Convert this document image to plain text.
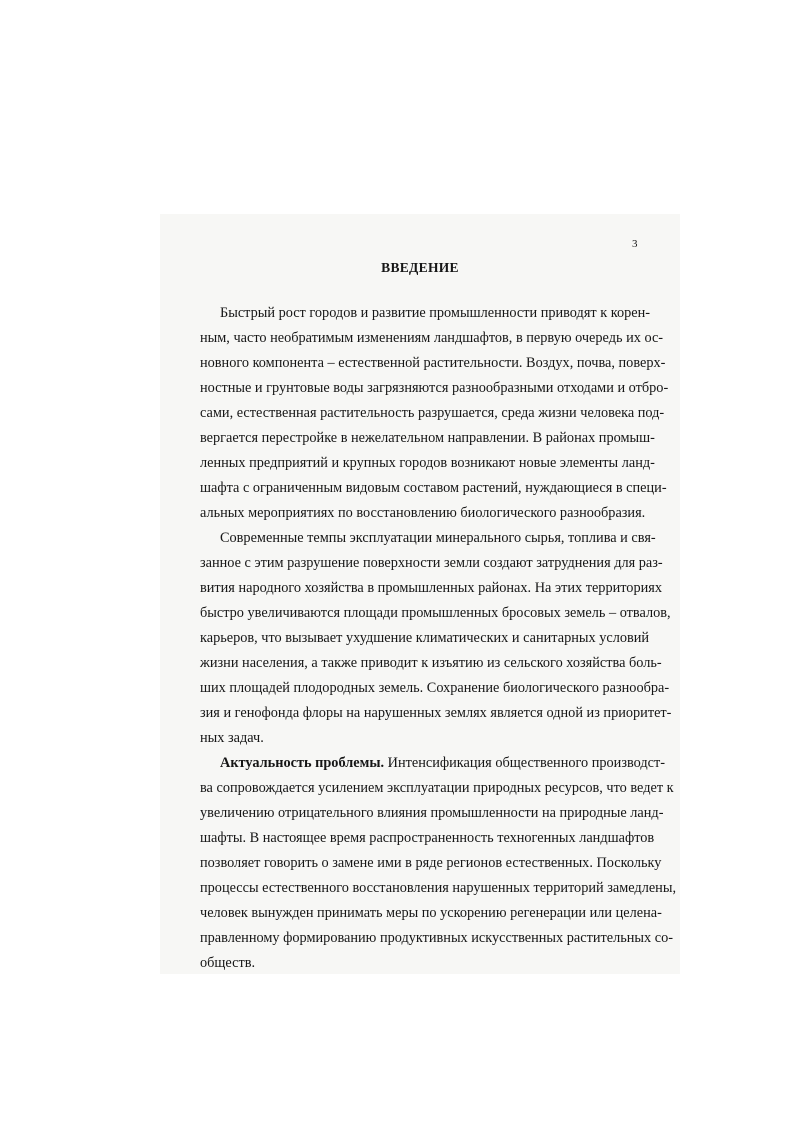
3
ВВЕДЕНИЕ
Быстрый рост городов и развитие промышленности приводят к корен-
ным, часто необратимым изменениям ландшафтов, в первую очередь их ос-
новного компонента – естественной растительности. Воздух, почва, поверх-
ностные и грунтовые воды загрязняются разнообразными отходами и отбро-
сами, естественная растительность разрушается, среда жизни человека под-
вергается перестройке в нежелательном направлении. В районах промыш-
ленных предприятий и крупных городов возникают новые элементы ланд-
шафта с ограниченным видовым составом растений, нуждающиеся в специ-
альных мероприятиях по восстановлению биологического разнообразия.
Современные темпы эксплуатации минерального сырья, топлива и свя-
занное с этим разрушение поверхности земли создают затруднения для раз-
вития народного хозяйства в промышленных районах. На этих территориях
быстро увеличиваются площади промышленных бросовых земель – отвалов,
карьеров, что вызывает ухудшение климатических и санитарных условий
жизни населения, а также приводит к изъятию из сельского хозяйства боль-
ших площадей плодородных земель. Сохранение биологического разнообра-
зия и генофонда флоры на нарушенных землях является одной из приоритет-
ных задач.
Актуальность проблемы. Интенсификация общественного производст-
ва сопровождается усилением эксплуатации природных ресурсов, что ведет к
увеличению отрицательного влияния промышленности на природные ланд-
шафты. В настоящее время распространенность техногенных ландшафтов
позволяет говорить о замене ими в ряде регионов естественных. Поскольку
процессы естественного восстановления нарушенных территорий замедлены,
человек вынужден принимать меры по ускорению регенерации или целена-
правленному формированию продуктивных искусственных растительных со-
обществ.
